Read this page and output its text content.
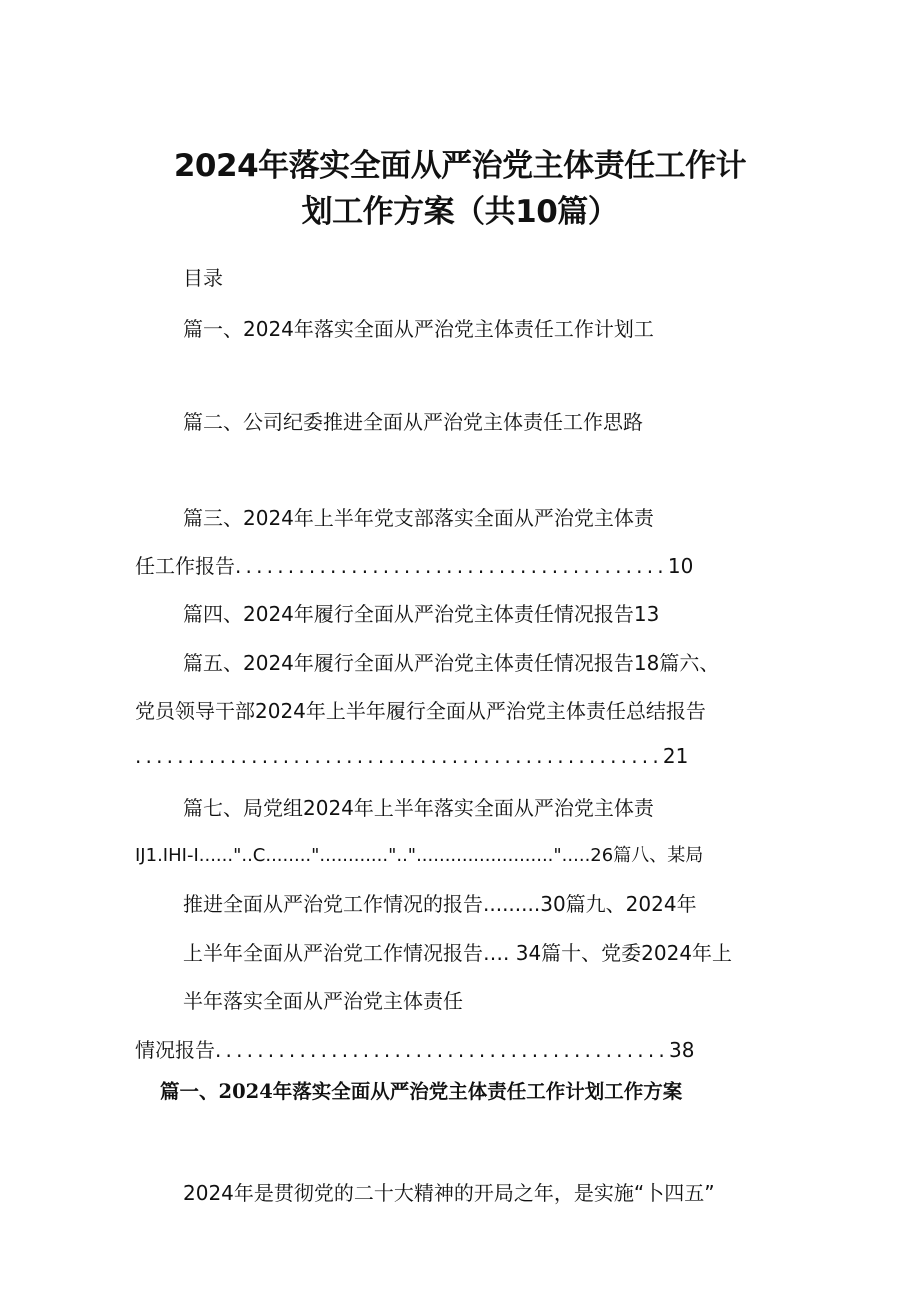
2024年落实全面从严治党主体责任工作计
划工作方案（共10篇）
目录
篇一、2024年落实全面从严治党主体责任工作计划工
篇二、公司纪委推进全面从严治党主体责任工作思路
篇三、2024年上半年党支部落实全面从严治党主体责
任工作报告.........................................10
篇四、2024年履行全面从严治党主体责任情况报告13
篇五、2024年履行全面从严治党主体责任情况报告18篇六、
党员领导干部2024年上半年履行全面从严治党主体责任总结报告
..................................................21
篇七、局党组2024年上半年落实全面从严治党主体责
IJ1.IHI-I......"..C........"............".."........................".....26篇八、某局
推进全面从严治党工作情况的报告.........30篇九、2024年
上半年全面从严治党工作情况报告…. 34篇十、党委2024年上
半年落实全面从严治党主体责任
情况报告...........................................38
篇一、2024年落实全面从严治党主体责任工作计划工作方案
2024年是贯彻党的二十大精神的开局之年，是实施“卜四五”
